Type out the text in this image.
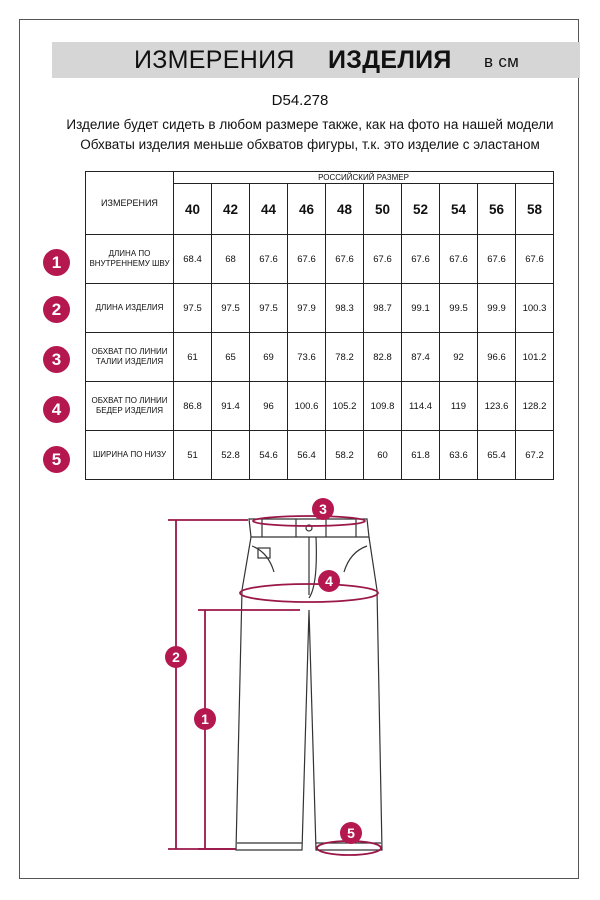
ИЗМЕРЕНИЯ ИЗДЕЛИЯ в см
D54.278
Изделие будет сидеть в любом размере также, как на фото на нашей модели
Обхваты изделия меньше обхватов фигуры, т.к. это изделие с эластаном
ИЗМЕРЕНИЯ	РОССИЙСКИЙ РАЗМЕР									
	40	42	44	46	48	50	52	54	56	58
ДЛИНА ПО ВНУТРЕННЕМУ ШВУ	68.4	68	67.6	67.6	67.6	67.6	67.6	67.6	67.6	67.6
ДЛИНА ИЗДЕЛИЯ	97.5	97.5	97.5	97.9	98.3	98.7	99.1	99.5	99.9	100.3
ОБХВАТ ПО ЛИНИИ ТАЛИИ ИЗДЕЛИЯ	61	65	69	73.6	78.2	82.8	87.4	92	96.6	101.2
ОБХВАТ ПО ЛИНИИ БЕДЕР ИЗДЕЛИЯ	86.8	91.4	96	100.6	105.2	109.8	114.4	119	123.6	128.2
ШИРИНА ПО НИЗУ	51	52.8	54.6	56.4	58.2	60	61.8	63.6	65.4	67.2
1
2
3
4
5
3
4
2
1
5
